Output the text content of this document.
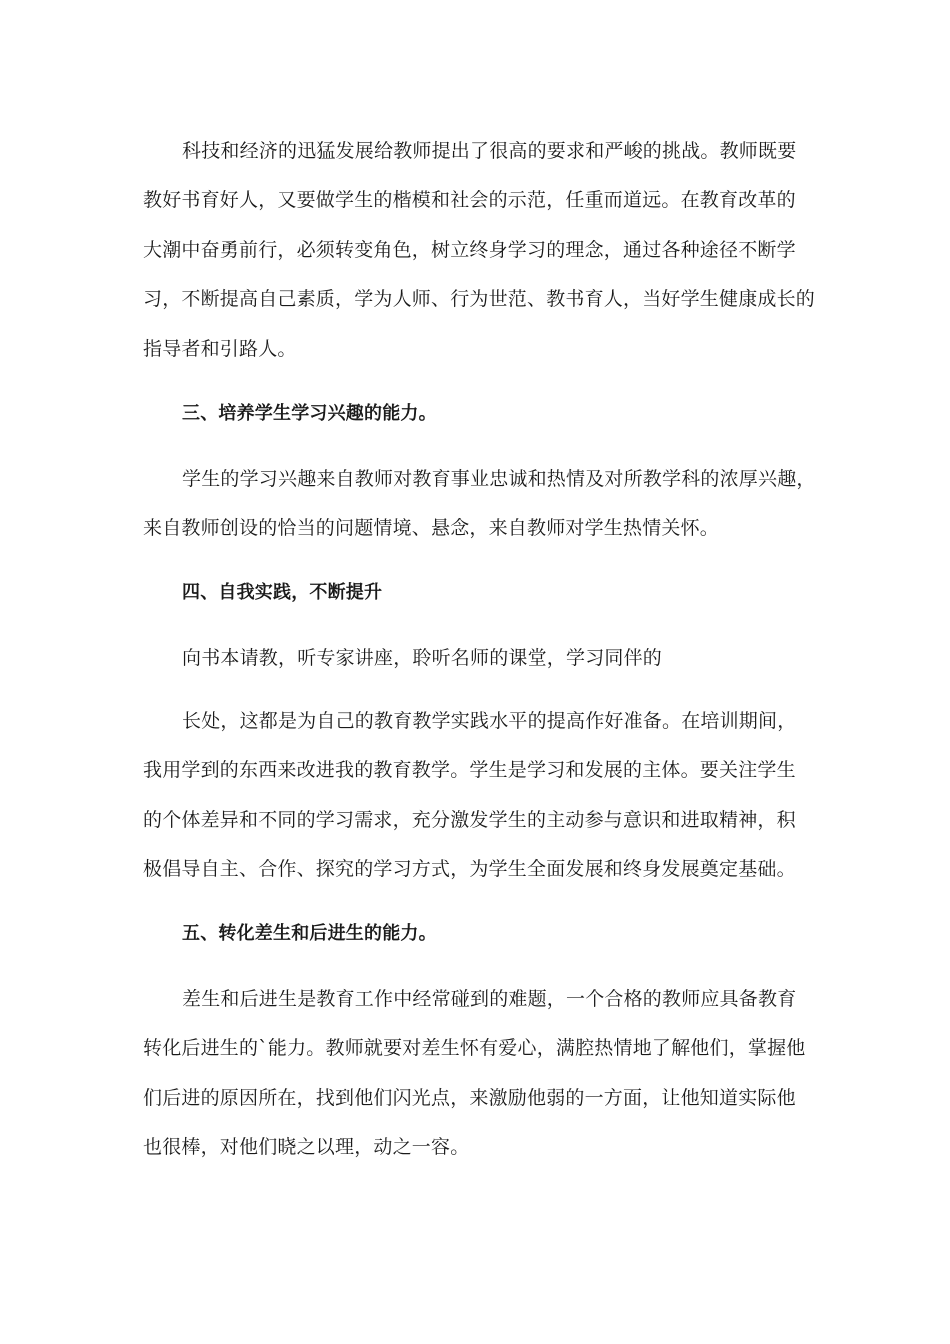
科技和经济的迅猛发展给教师提出了很高的要求和严峻的挑战。教师既要
教好书育好人，又要做学生的楷模和社会的示范，任重而道远。在教育改革的
大潮中奋勇前行，必须转变角色，树立终身学习的理念，通过各种途径不断学
习，不断提高自己素质，学为人师、行为世范、教书育人，当好学生健康成长的
指导者和引路人。
三、培养学生学习兴趣的能力。
学生的学习兴趣来自教师对教育事业忠诚和热情及对所教学科的浓厚兴趣，
来自教师创设的恰当的问题情境、悬念，来自教师对学生热情关怀。
四、自我实践，不断提升
向书本请教，听专家讲座，聆听名师的课堂，学习同伴的
长处，这都是为自己的教育教学实践水平的提高作好准备。在培训期间，
我用学到的东西来改进我的教育教学。学生是学习和发展的主体。要关注学生
的个体差异和不同的学习需求，充分激发学生的主动参与意识和进取精神，积
极倡导自主、合作、探究的学习方式，为学生全面发展和终身发展奠定基础。
五、转化差生和后进生的能力。
差生和后进生是教育工作中经常碰到的难题，一个合格的教师应具备教育
转化后进生的`能力。教师就要对差生怀有爱心，满腔热情地了解他们，掌握他
们后进的原因所在，找到他们闪光点，来激励他弱的一方面，让他知道实际他
也很棒，对他们晓之以理，动之一容。
